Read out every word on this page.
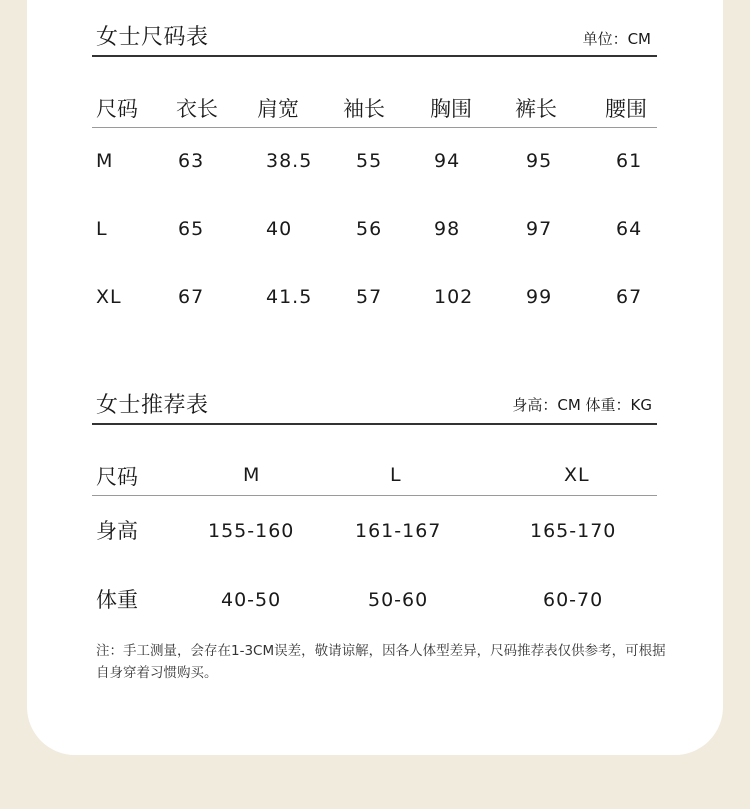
女士尺码表	单位：CM
尺码 衣长 肩宽 袖长 胸围 裤长 腰围
M	63	38.5 55	94	95	61
L	65	40	56	98	97	64
XL	67	41.5 57	102	99	67
女士推荐表	身高：CM 体重：KG
尺码	M	L	XL
身高	155-160	161-167	165-170
体重	40-50	50-60	60-70
注：手工测量，会存在1-3CM误差，敬请谅解，因各人体型差异，尺码推荐表仅供参考，可根据自身穿着习惯购买。
